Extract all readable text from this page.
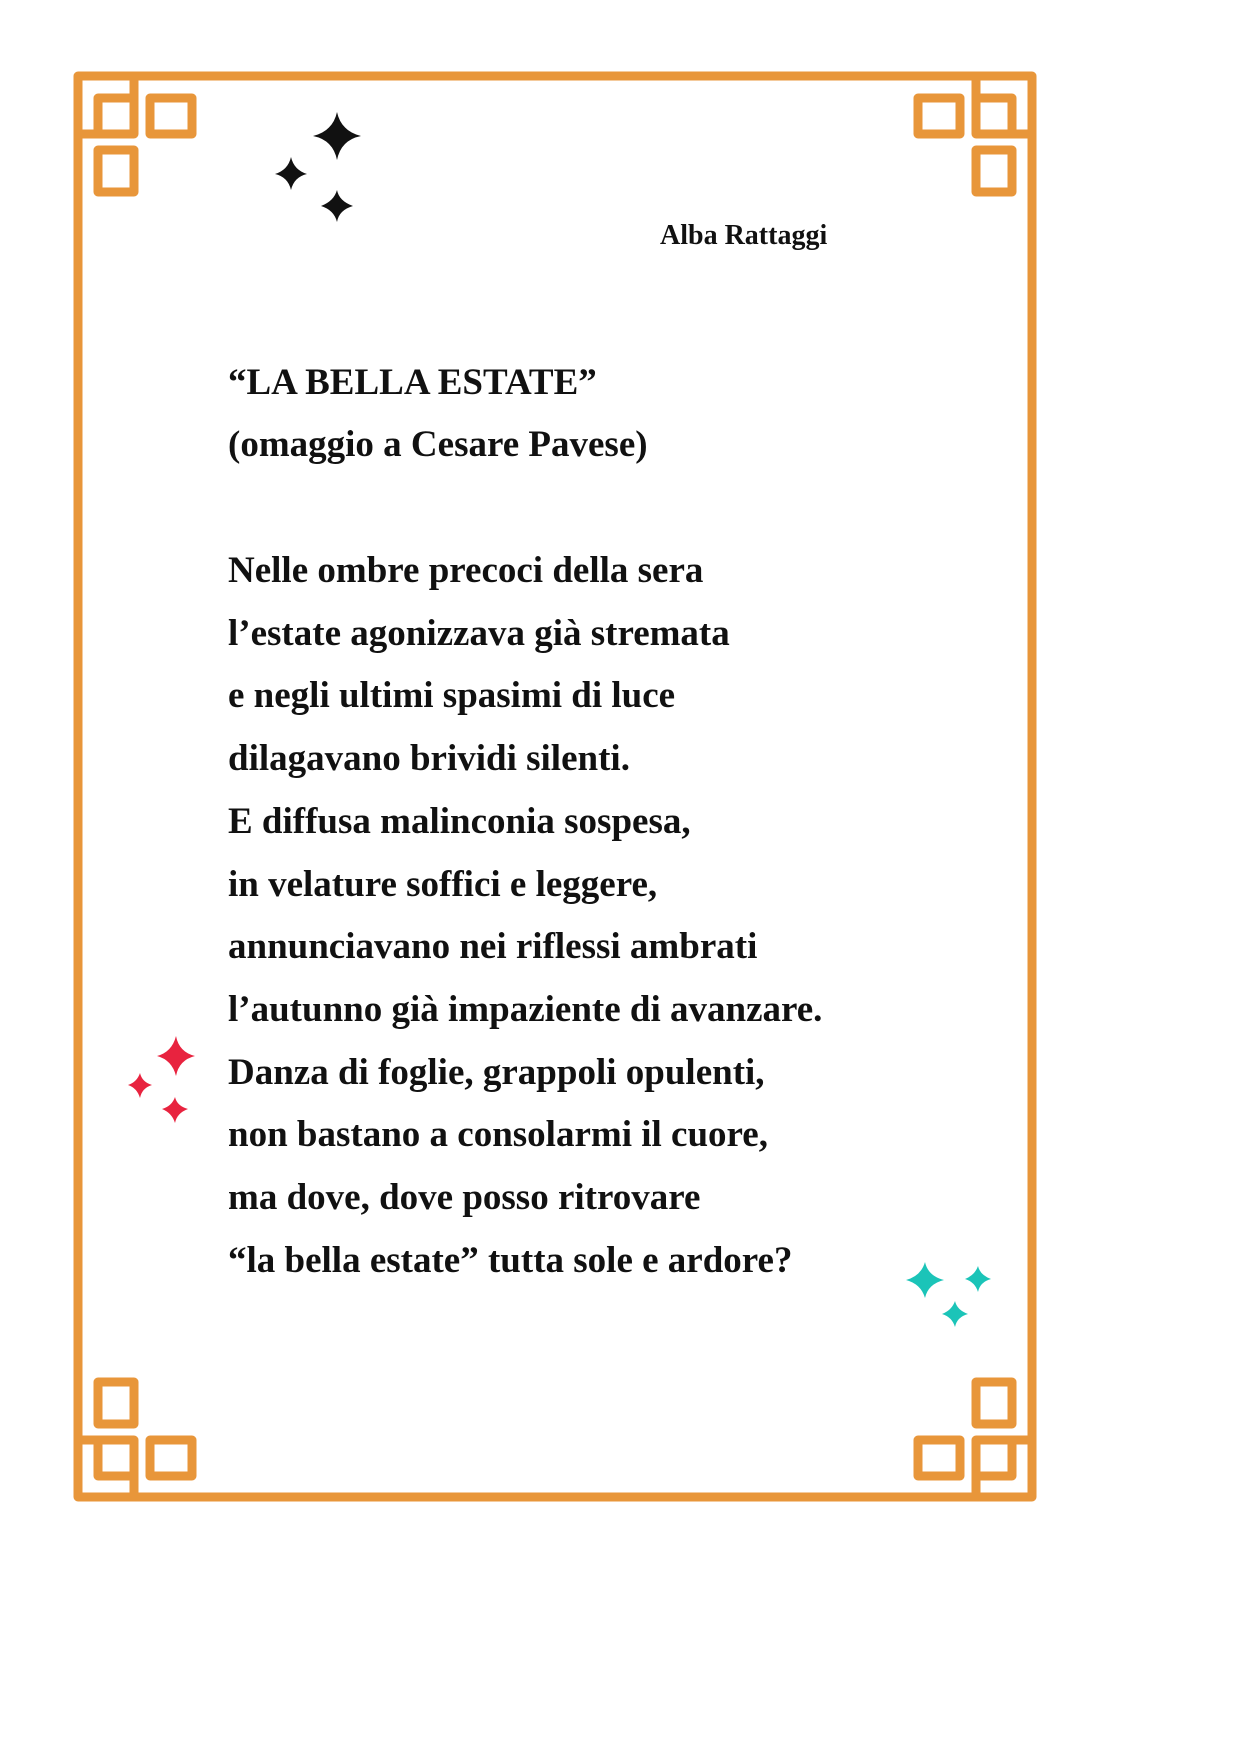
Alba Rattaggi
“LA BELLA ESTATE”
(omaggio a Cesare Pavese)
Nelle ombre precoci della sera
l’estate agonizzava già stremata
e negli ultimi spasimi di luce
dilagavano brividi silenti.
E diffusa malinconia sospesa,
in velature soffici e leggere,
annunciavano nei riflessi ambrati
l’autunno già impaziente di avanzare.
Danza di foglie, grappoli opulenti,
non bastano a consolarmi il cuore,
ma dove, dove posso ritrovare
“la bella estate” tutta sole e ardore?
